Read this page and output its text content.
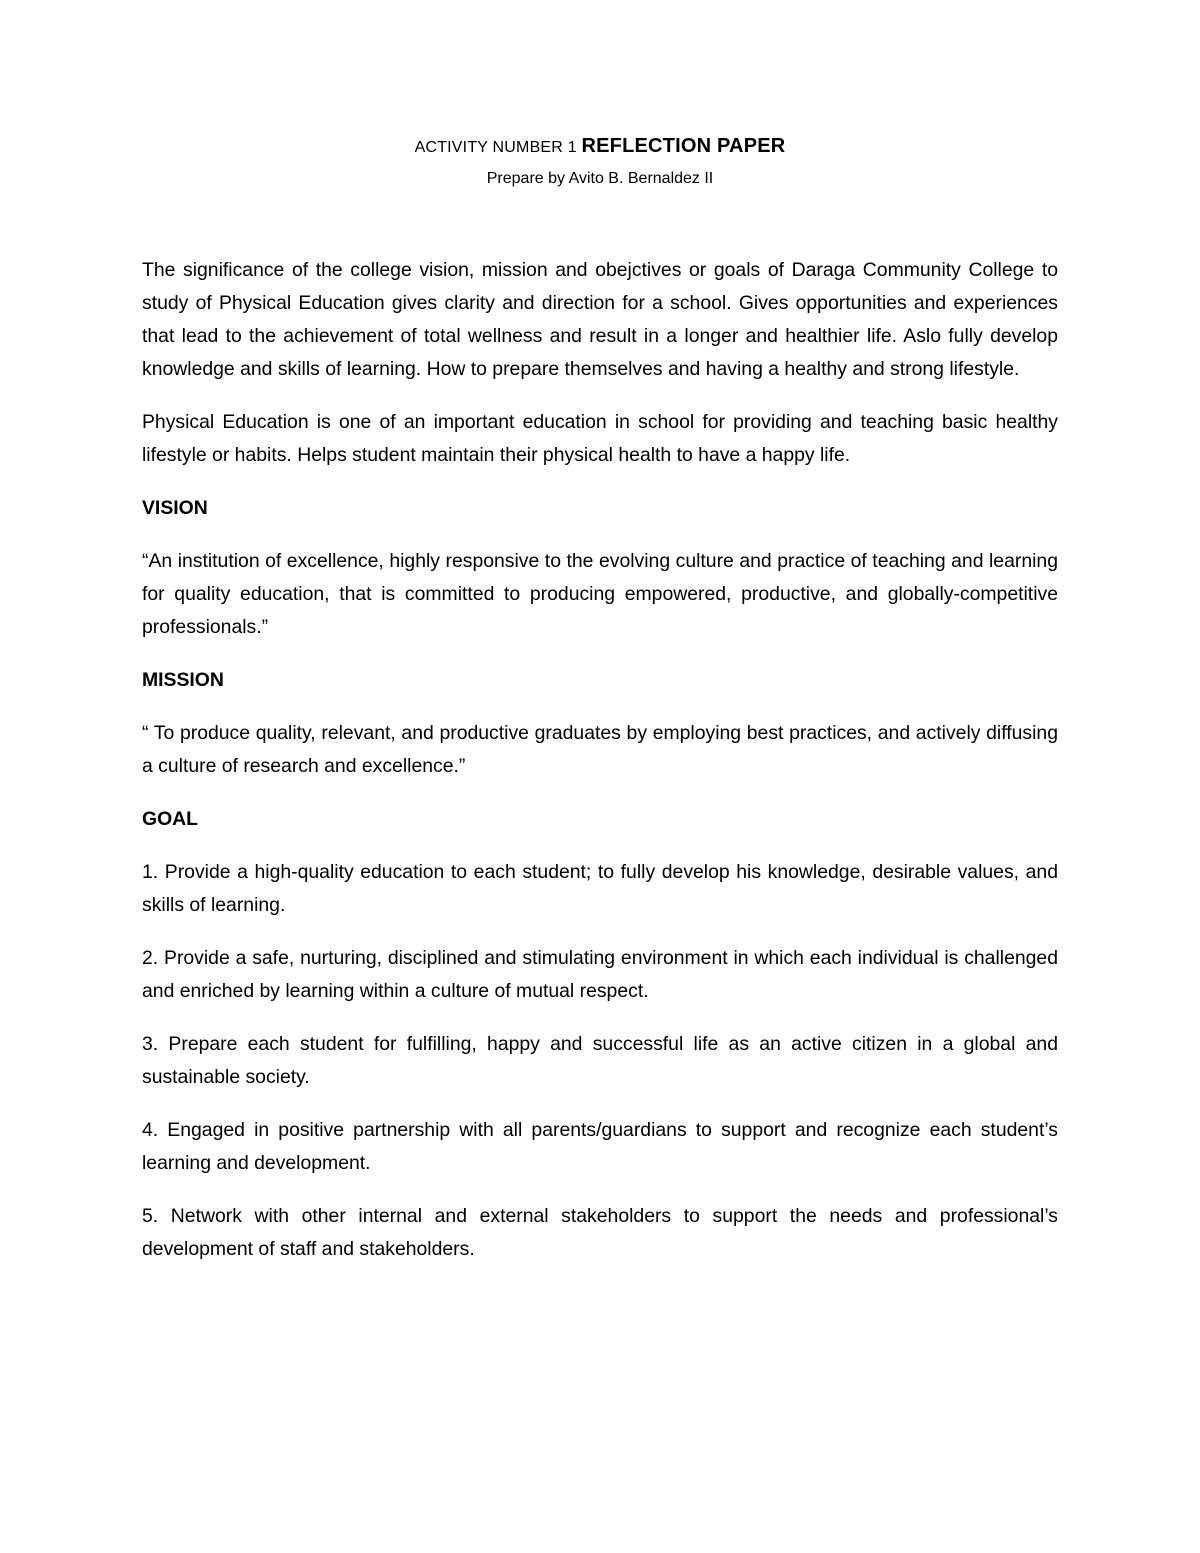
ACTIVITY NUMBER 1 REFLECTION PAPER

Prepare by Avito B. Bernaldez II

The significance of the college vision, mission and obejctives or goals of Daraga Community College to study of Physical Education gives clarity and direction for a school. Gives opportunities and experiences that lead to the achievement of total wellness and result in a longer and healthier life. Aslo fully develop knowledge and skills of learning. How to prepare themselves and having a healthy and strong lifestyle.

Physical Education is one of an important education in school for providing and teaching basic healthy lifestyle or habits. Helps student maintain their physical health to have a happy life.

VISION

“An institution of excellence, highly responsive to the evolving culture and practice of teaching and learning for quality education, that is committed to producing empowered, productive, and globally-competitive professionals.”

MISSION

“ To produce quality, relevant, and productive graduates by employing best practices, and actively diffusing a culture of research and excellence.”

GOAL

1. Provide a high-quality education to each student; to fully develop his knowledge, desirable values, and skills of learning.

2. Provide a safe, nurturing, disciplined and stimulating environment in which each individual is challenged and enriched by learning within a culture of mutual respect.

3. Prepare each student for fulfilling, happy and successful life as an active citizen in a global and sustainable society.

4. Engaged in positive partnership with all parents/guardians to support and recognize each student’s learning and development.

5. Network with other internal and external stakeholders to support the needs and professional’s development of staff and stakeholders.
